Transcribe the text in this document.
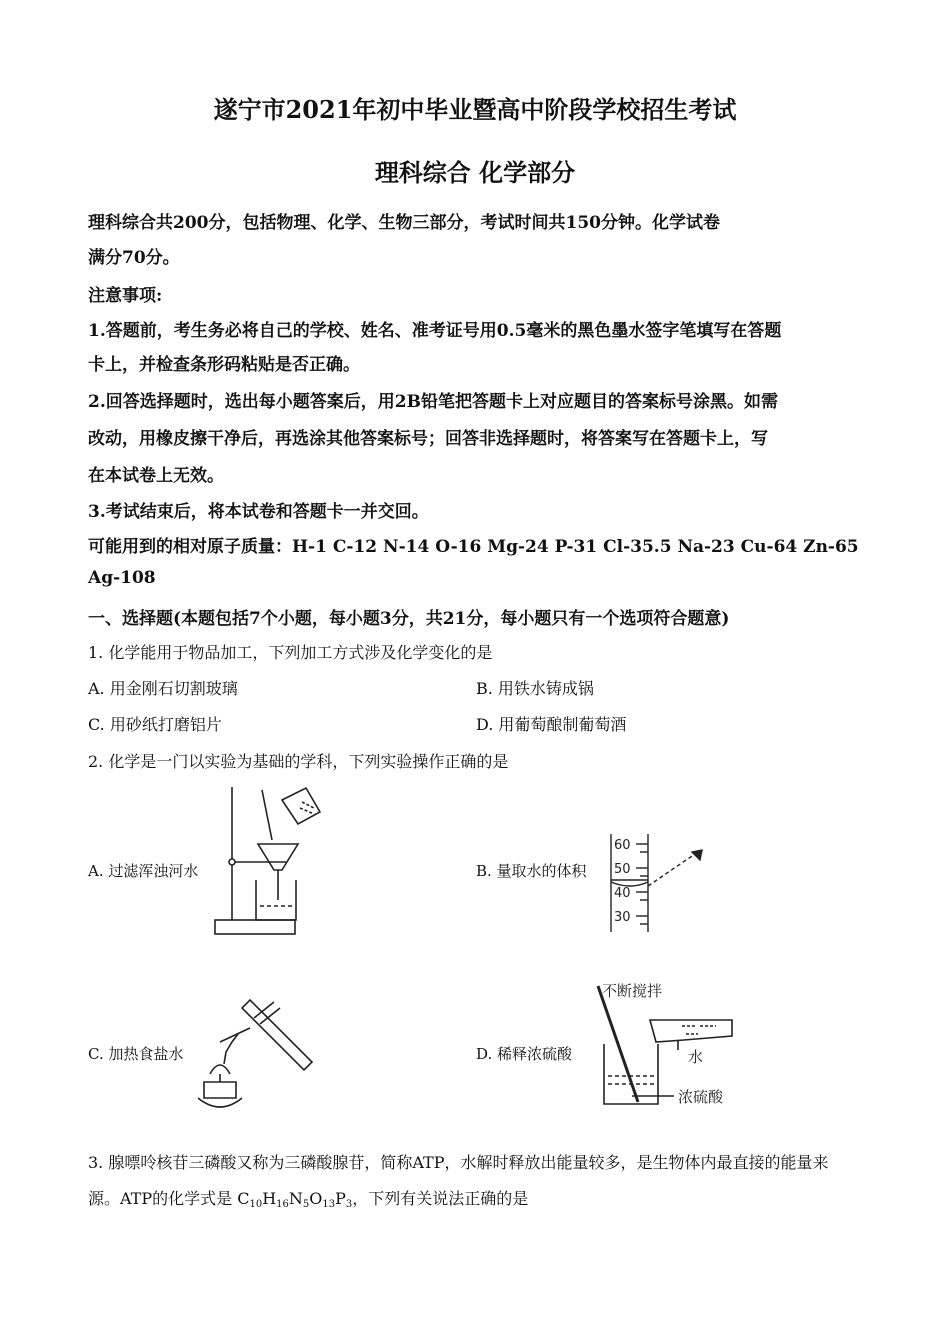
遂宁市2021年初中毕业暨高中阶段学校招生考试
理科综合 化学部分
理科综合共200分，包括物理、化学、生物三部分，考试时间共150分钟。化学试卷
满分70分。
注意事项:
1.答题前，考生务必将自己的学校、姓名、准考证号用0.5毫米的黑色墨水签字笔填写在答题
卡上，并检查条形码粘贴是否正确。
2.回答选择题时，选出每小题答案后，用2B铅笔把答题卡上对应题目的答案标号涂黑。如需
改动，用橡皮擦干净后，再选涂其他答案标号；回答非选择题时，将答案写在答题卡上，写
在本试卷上无效。
3.考试结束后，将本试卷和答题卡一并交回。
可能用到的相对原子质量：H-1 C-12 N-14 O-16 Mg-24 P-31 Cl-35.5 Na-23 Cu-64 Zn-65
Ag-108
一、选择题(本题包括7个小题，每小题3分，共21分，每小题只有一个选项符合题意)
1. 化学能用于物品加工，下列加工方式涉及化学变化的是
A. 用金刚石切割玻璃	B. 用铁水铸成锅
C. 用砂纸打磨铝片	D. 用葡萄酿制葡萄酒
2. 化学是一门以实验为基础的学科，下列实验操作正确的是
A. 过滤浑浊河水	B. 量取水的体积
C. 加热食盐水	D. 稀释浓硫酸
60
50
40
30
不断搅拌
水
浓硫酸
3. 腺嘌呤核苷三磷酸又称为三磷酸腺苷，简称ATP，水解时释放出能量较多，是生物体内最直接的能量来
源。ATP的化学式是 $C_{10}H_{16}N_5O_{13}P_3$，下列有关说法正确的是
